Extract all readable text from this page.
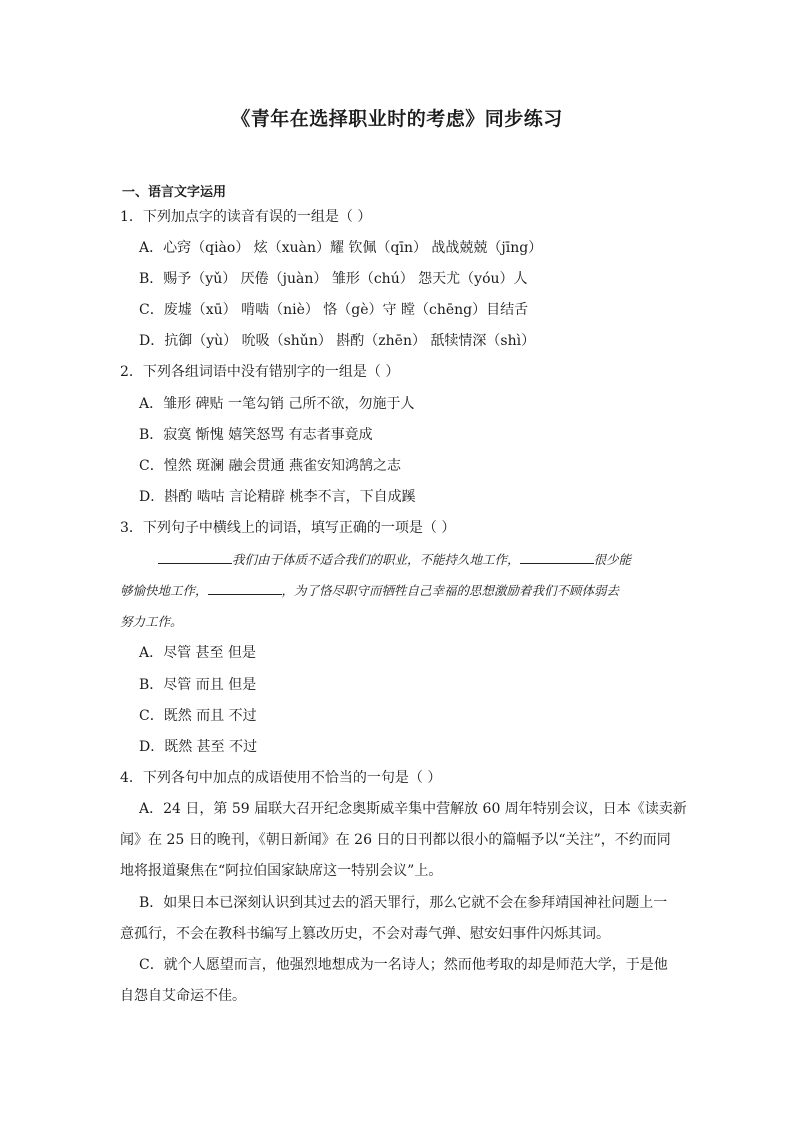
《青年在选择职业时的考虑》同步练习
一、语言文字运用
1．下列加点字的读音有误的一组是（ ）
A．心窍（qiào） 炫（xuàn）耀 钦佩（qīn） 战战兢兢（jīng）
B．赐予（yǔ） 厌倦（juàn） 雏形（chú） 怨天尤（yóu）人
C．废墟（xū） 啃啮（niè） 恪（gè）守 瞠（chēng）目结舌
D．抗御（yù） 吮吸（shǔn） 斟酌（zhēn） 舐犊情深（shì）
2．下列各组词语中没有错别字的一组是（ ）
A．雏形 碑贴 一笔勾销 己所不欲，勿施于人
B．寂寞 惭愧 嬉笑怒骂 有志者事竟成
C．惶然 斑澜 融会贯通 燕雀安知鸿鹄之志
D．斟酌 啮咕 言论精辟 桃李不言，下自成蹊
3．下列句子中横线上的词语，填写正确的一项是（ ）
我们由于体质不适合我们的职业，不能持久地工作，	很少能
够愉快地工作，	，为了恪尽职守而牺牲自己幸福的思想激励着我们不顾体弱去
努力工作。
A．尽管 甚至 但是
B．尽管 而且 但是
C．既然 而且 不过
D．既然 甚至 不过
4．下列各句中加点的成语使用不恰当的一句是（ ）
A．24 日，第 59 届联大召开纪念奥斯威辛集中营解放 60 周年特别会议，日本《读卖新
闻》在 25 日的晚刊，《朝日新闻》在 26 日的日刊都以很小的篇幅予以“关注”，不约而同
地将报道聚焦在“阿拉伯国家缺席这一特别会议”上。
B．如果日本已深刻认识到其过去的滔天罪行，那么它就不会在参拜靖国神社问题上一
意孤行，不会在教科书编写上篡改历史，不会对毒气弹、慰安妇事件闪烁其词。
C．就个人愿望而言，他强烈地想成为一名诗人；然而他考取的却是师范大学，于是他
自怨自艾命运不佳。
